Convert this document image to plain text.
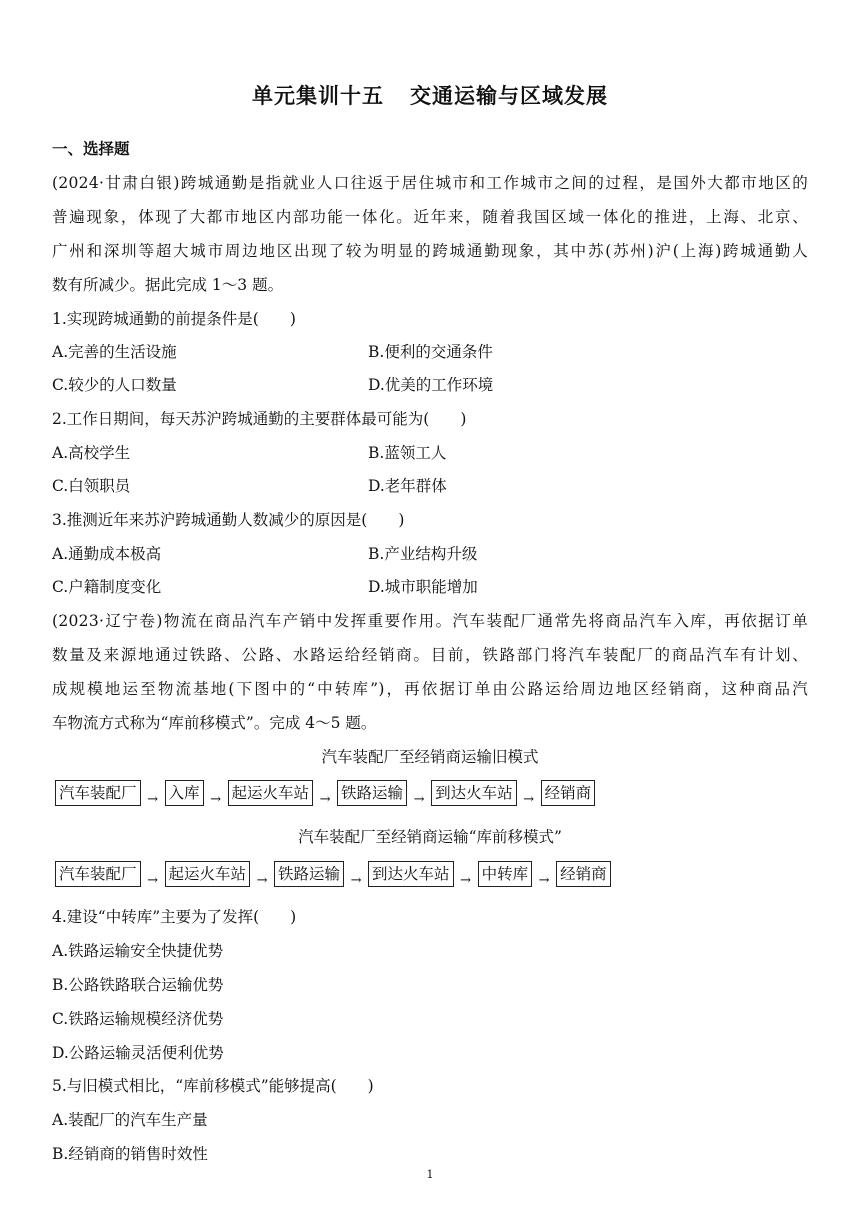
单元集训十五 交通运输与区域发展
一、选择题
(2024·甘肃白银)跨城通勤是指就业人口往返于居住城市和工作城市之间的过程，是国外大都市地区的
普遍现象，体现了大都市地区内部功能一体化。近年来，随着我国区域一体化的推进，上海、北京、
广州和深圳等超大城市周边地区出现了较为明显的跨城通勤现象，其中苏(苏州)沪(上海)跨城通勤人
数有所减少。据此完成 1～3 题。
1.实现跨城通勤的前提条件是(　　)
A.完善的生活设施	B.便利的交通条件
C.较少的人口数量	D.优美的工作环境
2.工作日期间，每天苏沪跨城通勤的主要群体最可能为(　　)
A.高校学生	B.蓝领工人
C.白领职员	D.老年群体
3.推测近年来苏沪跨城通勤人数减少的原因是(　　)
A.通勤成本极高	B.产业结构升级
C.户籍制度变化	D.城市职能增加
(2023·辽宁卷)物流在商品汽车产销中发挥重要作用。汽车装配厂通常先将商品汽车入库，再依据订单
数量及来源地通过铁路、公路、水路运给经销商。目前，铁路部门将汽车装配厂的商品汽车有计划、
成规模地运至物流基地(下图中的“中转库”)，再依据订单由公路运给周边地区经销商，这种商品汽
车物流方式称为“库前移模式”。完成 4～5 题。
汽车装配厂至经销商运输旧模式
汽车装配厂 → 入库 → 起运火车站 → 铁路运输 → 到达火车站 → 经销商
汽车装配厂至经销商运输“库前移模式”
汽车装配厂 → 起运火车站 → 铁路运输 → 到达火车站 → 中转库 → 经销商
4.建设“中转库”主要为了发挥(　　)
A.铁路运输安全快捷优势
B.公路铁路联合运输优势
C.铁路运输规模经济优势
D.公路运输灵活便利优势
5.与旧模式相比，“库前移模式”能够提高(　　)
A.装配厂的汽车生产量
B.经销商的销售时效性
1
